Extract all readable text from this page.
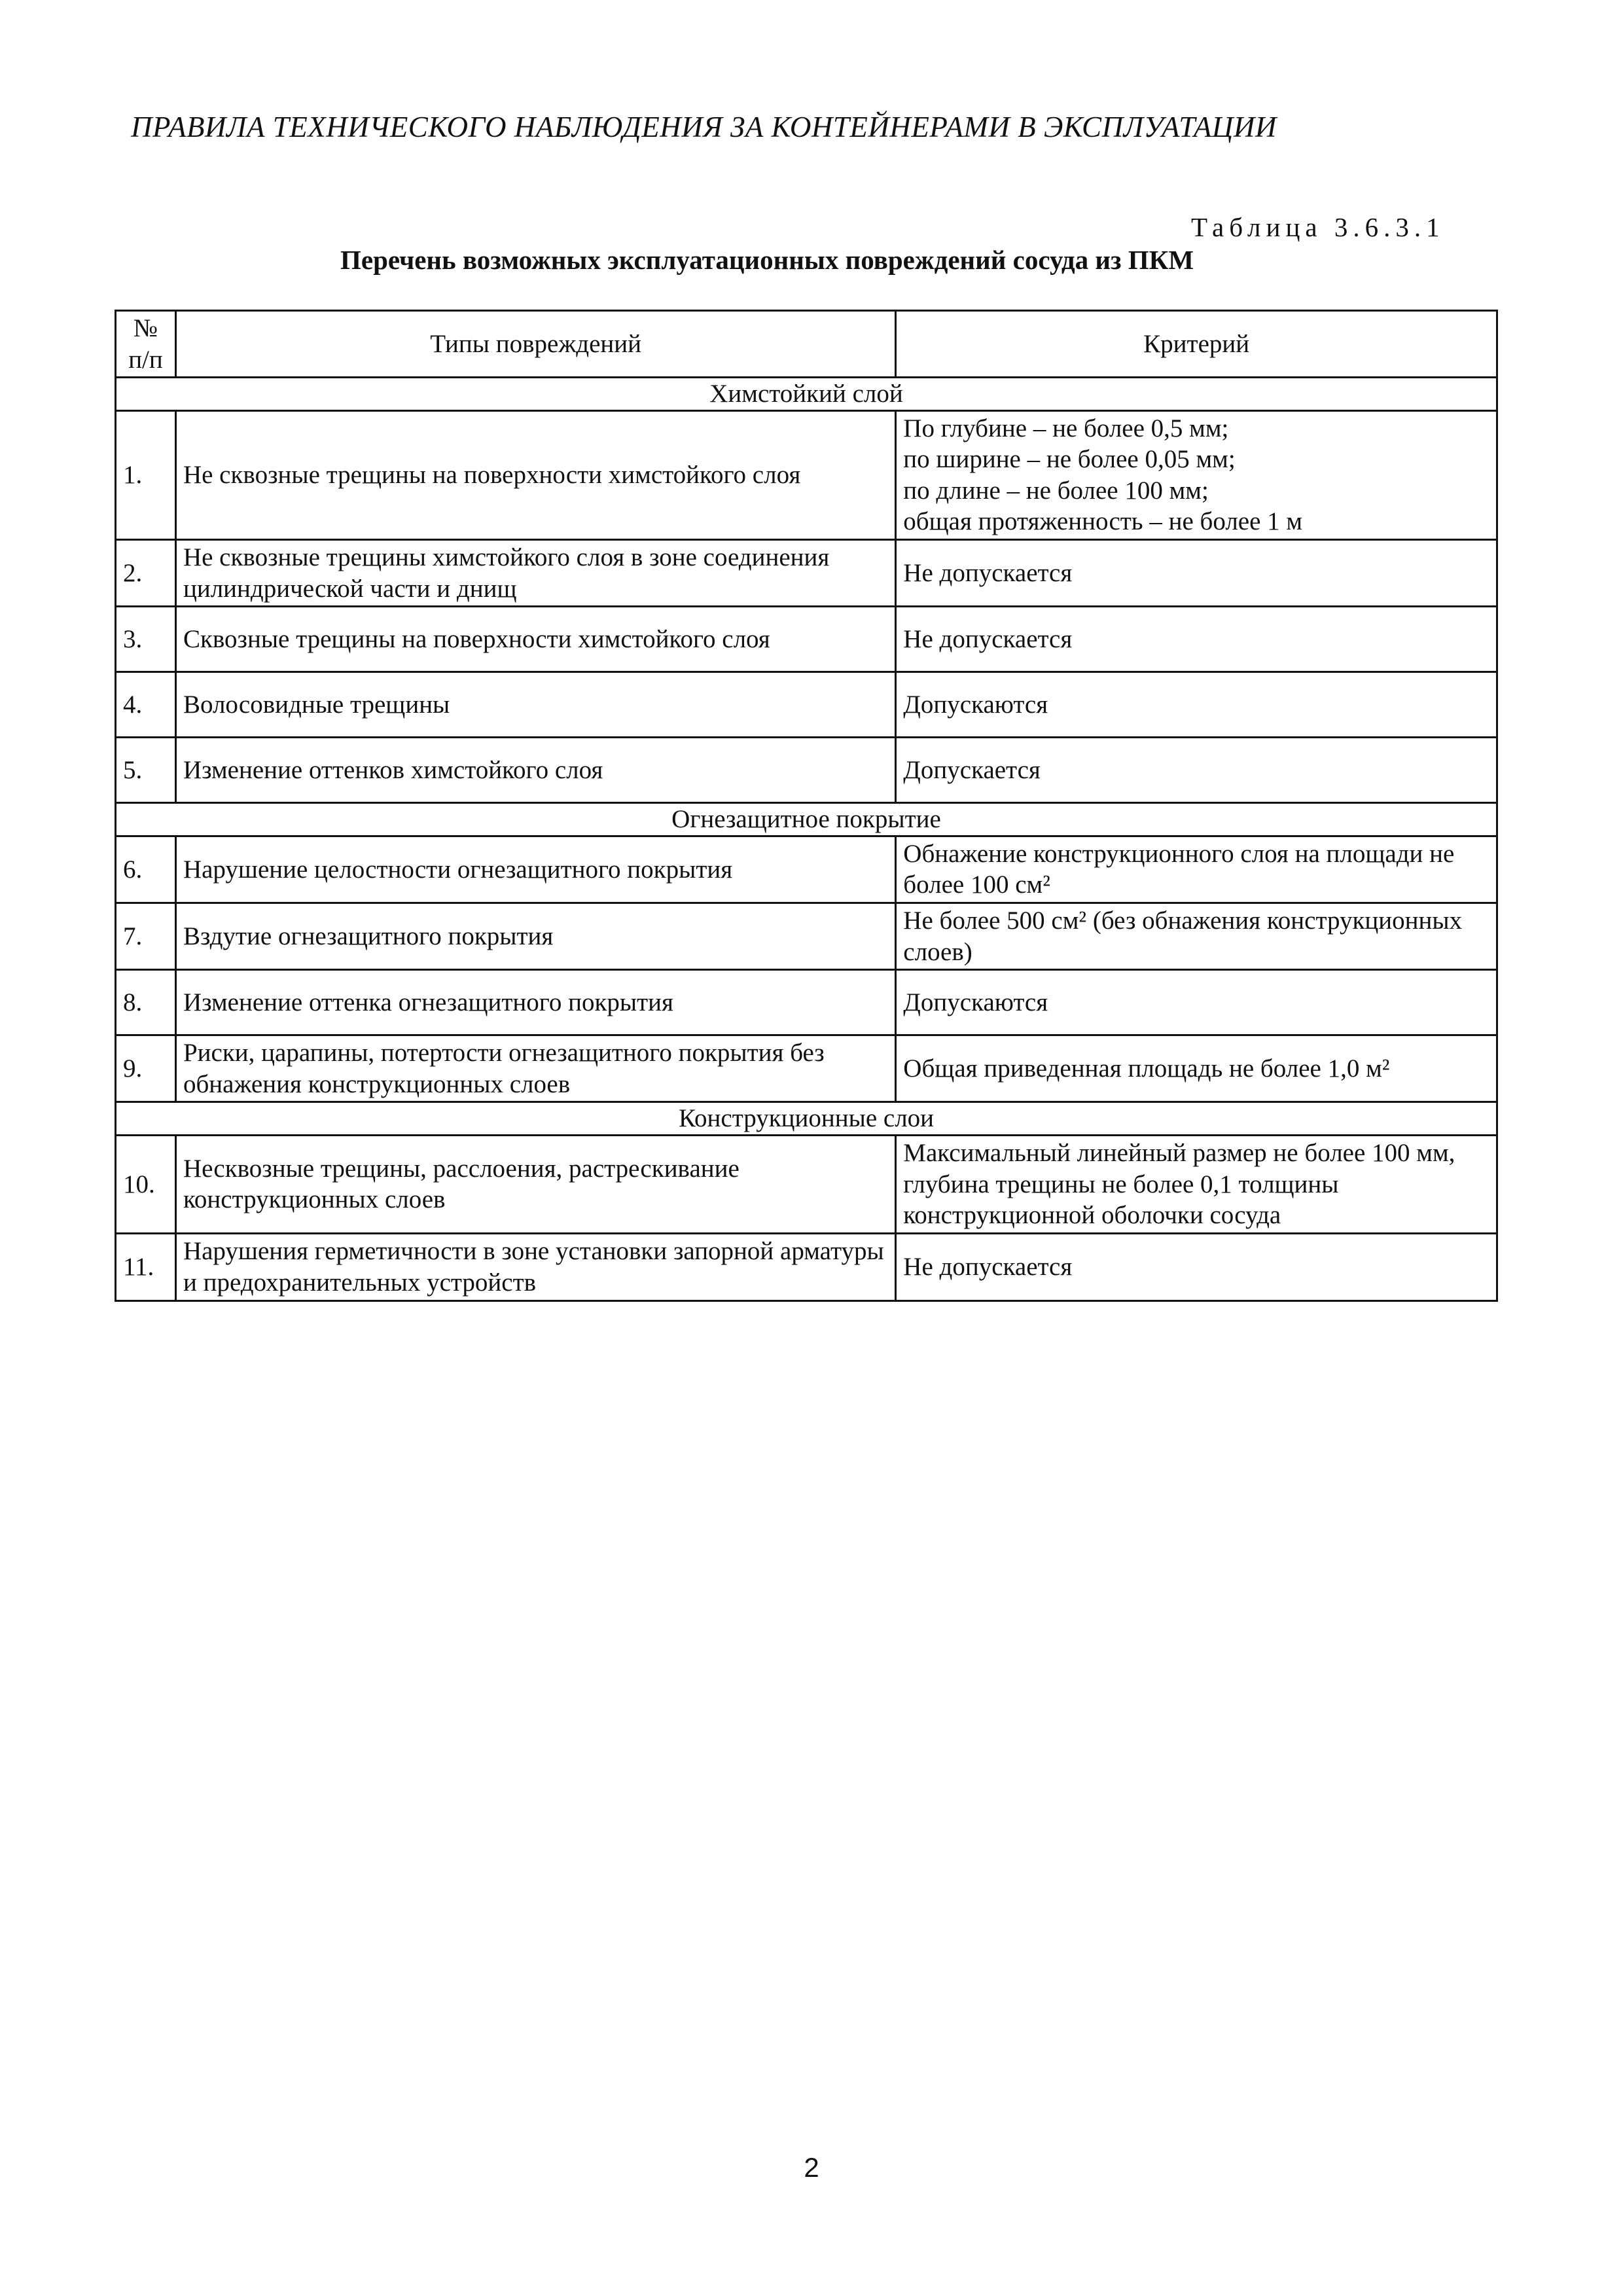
ПРАВИЛА ТЕХНИЧЕСКОГО НАБЛЮДЕНИЯ ЗА КОНТЕЙНЕРАМИ В ЭКСПЛУАТАЦИИ
Таблица 3.6.3.1
Перечень возможных эксплуатационных повреждений сосуда из ПКМ
№ п/п	Типы повреждений	Критерий
Химстойкий слой		
1.	Не сквозные трещины на поверхности химстойкого слоя	По глубине – не более 0,5 мм;
по ширине – не более 0,05 мм;
по длине – не более 100 мм;
общая протяженность – не более 1 м

2.	Не сквозные трещины химстойкого слоя в зоне соединения цилиндрической части и днищ	Не допускается

3.	Сквозные трещины на поверхности химстойкого слоя	Не допускается

4.	Волосовидные трещины	Допускаются

5.	Изменение оттенков химстойкого слоя	Допускается

Огнезащитное покрытие		
6.	Нарушение целостности огнезащитного покрытия	Обнажение конструкционного слоя на площади не более 100 см²

7.	Вздутие огнезащитного покрытия	Не более 500 см² (без обнажения конструкционных слоев)

8.	Изменение оттенка огнезащитного покрытия	Допускаются

9.	Риски, царапины, потертости огнезащитного покрытия без обнажения конструкционных слоев	Общая приведенная площадь не более 1,0 м²

Конструкционные слои		
10.	Несквозные трещины, расслоения, растрескивание конструкционных слоев	Максимальный линейный размер не более 100 мм, глубина трещины не более 0,1 толщины конструкционной оболочки сосуда

11.	Нарушения герметичности в зоне установки запорной арматуры и предохранительных устройств	Не допускается
2
